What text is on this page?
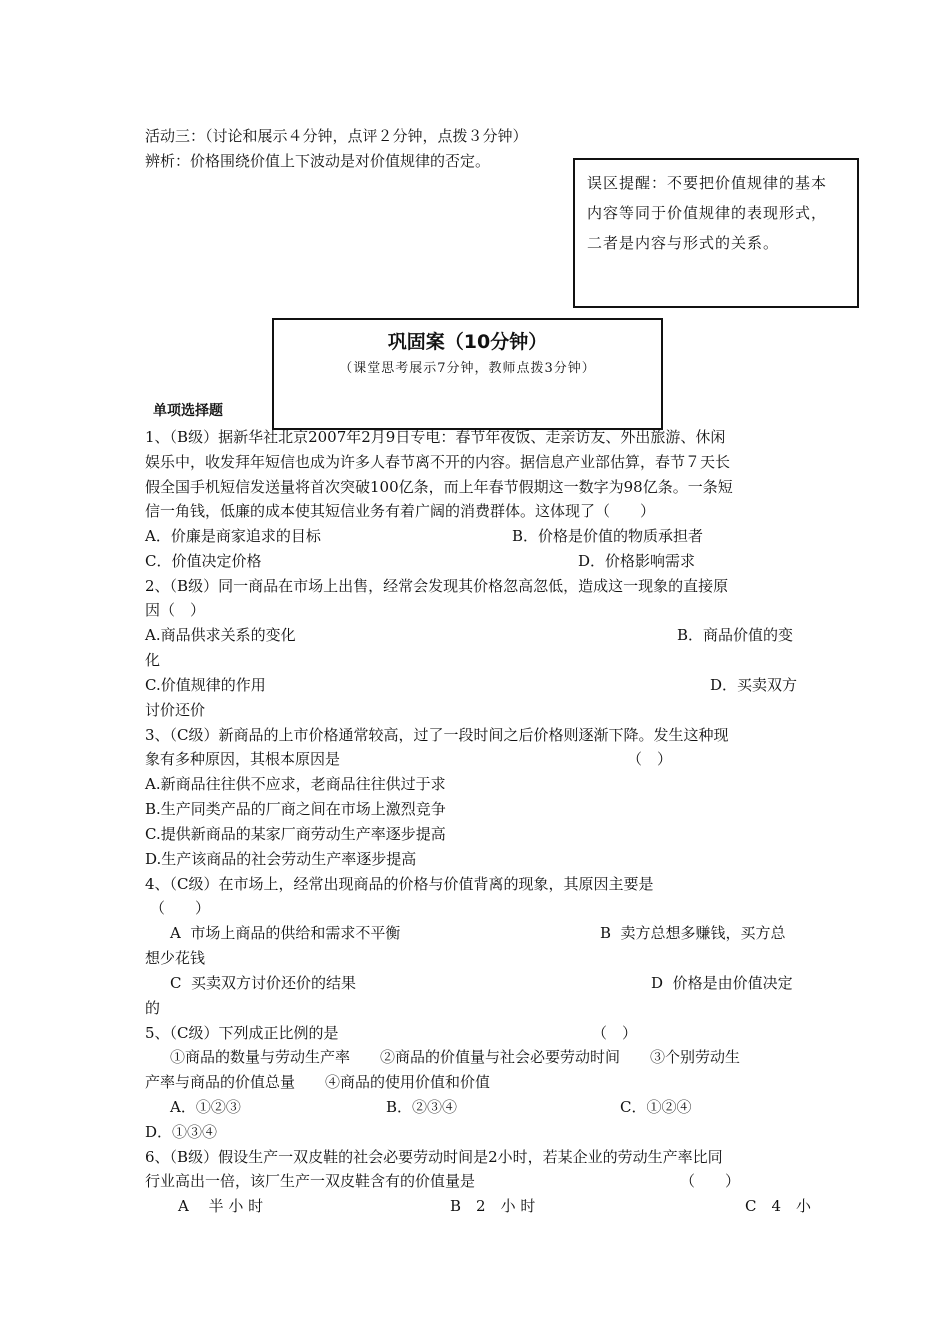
活动三：（讨论和展示４分钟，点评２分钟，点拨３分钟）
辨析：价格围绕价值上下波动是对价值规律的否定。
误区提醒：不要把价值规律的基本
内容等同于价值规律的表现形式，
二者是内容与形式的关系。
巩固案（10分钟）
（课堂思考展示7分钟，教师点拨3分钟）
单项选择题
1、（B级）据新华社北京2007年2月9日专电：春节年夜饭、走亲访友、外出旅游、休闲
娱乐中，收发拜年短信也成为许多人春节离不开的内容。据信息产业部估算，春节７天长
假全国手机短信发送量将首次突破100亿条，而上年春节假期这一数字为98亿条。一条短
信一角钱，低廉的成本使其短信业务有着广阔的消费群体。这体现了（　　）
A．价廉是商家追求的目标	B．价格是价值的物质承担者
C．价值决定价格	D．价格影响需求
2、（B级）同一商品在市场上出售，经常会发现其价格忽高忽低，造成这一现象的直接原
因（　）
A.商品供求关系的变化	B．商品价值的变
化
C.价值规律的作用	D．买卖双方
讨价还价
3、（C级）新商品的上市价格通常较高，过了一段时间之后价格则逐渐下降。发生这种现
象有多种原因，其根本原因是	（　）
A.新商品往往供不应求，老商品往往供过于求
B.生产同类产品的厂商之间在市场上激烈竞争
C.提供新商品的某家厂商劳动生产率逐步提高
D.生产该商品的社会劳动生产率逐步提高
4、（C级）在市场上，经常出现商品的价格与价值背离的现象，其原因主要是
（　　）
A  市场上商品的供给和需求不平衡	B  卖方总想多赚钱，买方总
想少花钱
C  买卖双方讨价还价的结果	D  价格是由价值决定
的
5、（C级）下列成正比例的是	（　）
①商品的数量与劳动生产率　　②商品的价值量与社会必要劳动时间　　③个别劳动生
产率与商品的价值总量　　④商品的使用价值和价值
A．①②③	B．②③④	C．①②④
D．①③④
6、（B级）假设生产一双皮鞋的社会必要劳动时间是2小时，若某企业的劳动生产率比同
行业高出一倍，该厂生产一双皮鞋含有的价值量是	（　　）
A　 半 小 时	B　2　小 时	C　4　小
